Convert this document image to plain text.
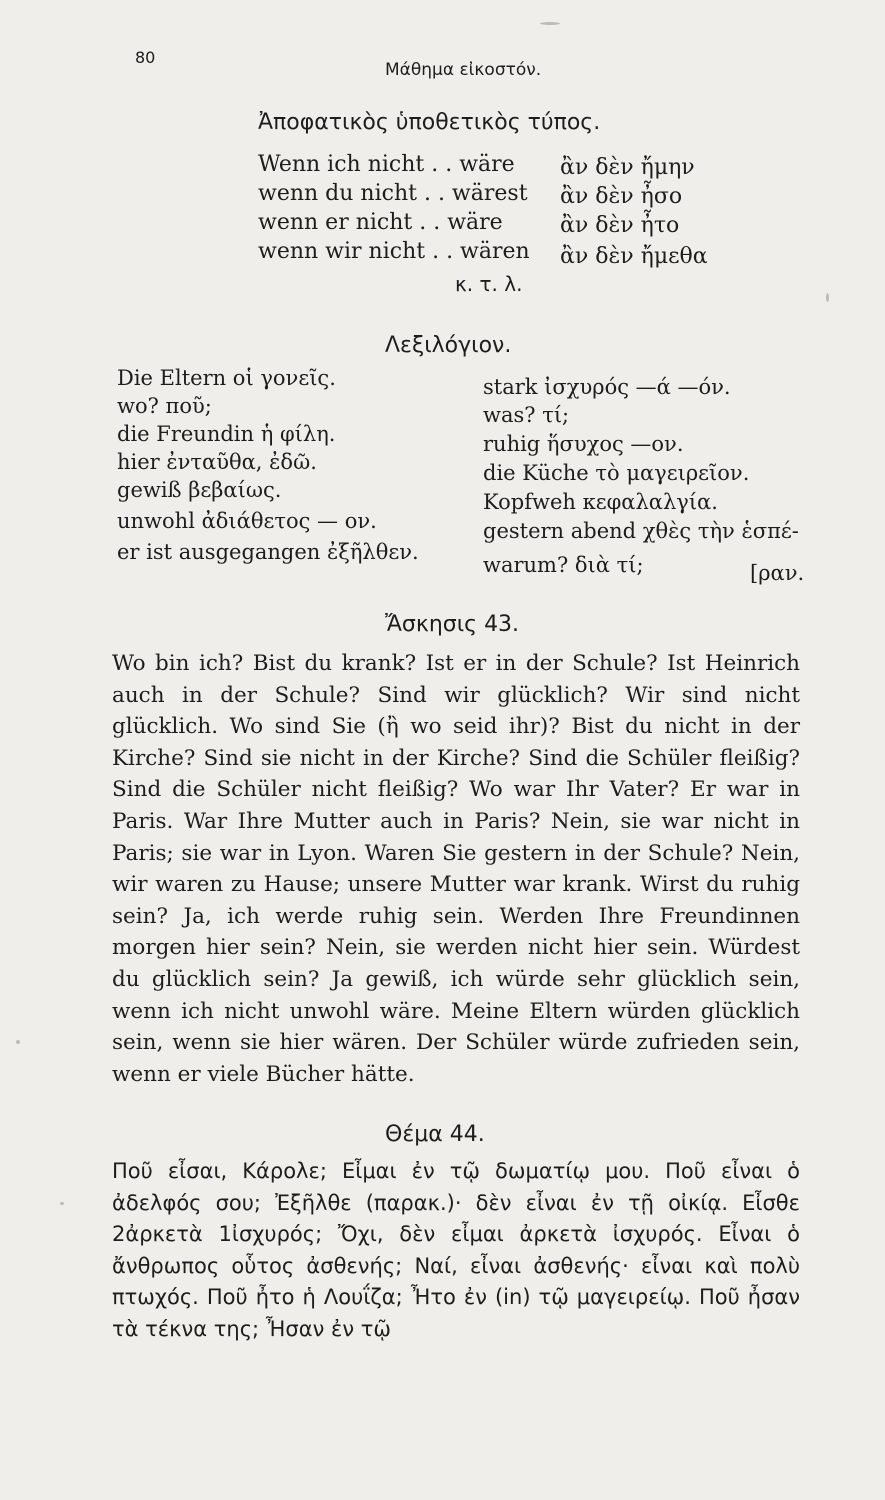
80
Μάθημα εἰκοστόν.
Ἀποφατικὸς ὑποθετικὸς τύπος.
Wenn ich nicht . . wäre ἂν δὲν ἤμην
wenn du nicht . . wärest ἂν δὲν ἦσο
wenn er nicht . . wäre	ἂν δὲν ἦτο
wenn wir nicht . . wären ἂν δὲν ἤμεθα
κ. τ. λ.
Λεξιλόγιον.
Die Eltern οἱ γονεῖς.
wo? ποῦ;
die Freundin ἡ φίλη.
hier ἐνταῦθα, ἐδῶ.
gewiß βεβαίως.
unwohl ἀδιάθετος — ον.
er ist ausgegangen ἐξῆλθεν.
stark ἰσχυρός —ά —όν.
was? τί;
ruhig ἥσυχος —ον.
die Küche τὸ μαγειρεῖον.
Kopfweh κεφαλαλγία.
gestern abend χθὲς τὴν ἑσπέ-
warum? διὰ τί;	[ραν.
Ἄσκησις 43.
Wo bin ich? Bist du krank? Ist er in der Schule? Ist Heinrich auch in der Schule? Sind wir glücklich? Wir sind nicht glücklich. Wo sind Sie (ἢ wo seid ihr)? Bist du nicht in der Kirche? Sind sie nicht in der Kirche? Sind die Schüler fleißig? Sind die Schüler nicht fleißig? Wo war Ihr Vater? Er war in Paris. War Ihre Mutter auch in Paris? Nein, sie war nicht in Paris; sie war in Lyon. Waren Sie gestern in der Schule? Nein, wir waren zu Hause; unsere Mutter war krank. Wirst du ruhig sein? Ja, ich werde ruhig sein. Werden Ihre Freundinnen morgen hier sein? Nein, sie werden nicht hier sein. Würdest du glücklich sein? Ja gewiß, ich würde sehr glücklich sein, wenn ich nicht unwohl wäre. Meine Eltern würden glücklich sein, wenn sie hier wären. Der Schüler würde zufrieden sein, wenn er viele Bücher hätte.
Θέμα 44.
Ποῦ εἶσαι, Κάρολε; Εἶμαι ἐν τῷ δωματίῳ μου. Ποῦ εἶναι ὁ ἀδελφός σου; Ἐξῆλθε (παρακ.)· δὲν εἶναι ἐν τῇ οἰκίᾳ. Εἶσθε 2ἀρκετὰ 1ἰσχυρός; Ὄχι, δὲν εἶμαι ἀρκετὰ ἰσχυρός. Εἶναι ὁ ἄνθρωπος οὗτος ἀσθενής; Ναί, εἶναι ἀσθενής· εἶναι καὶ πολὺ πτωχός. Ποῦ ἦτο ἡ Λουΐζα; Ἦτο ἐν (in) τῷ μαγειρείῳ. Ποῦ ἦσαν τὰ τέκνα της; Ἦσαν ἐν τῷ
